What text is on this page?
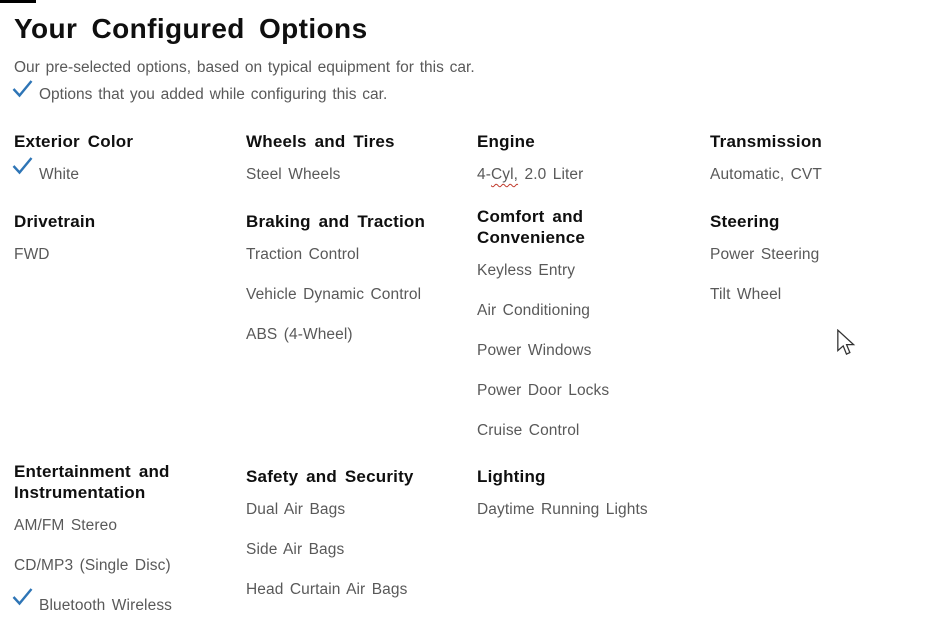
Your Configured Options
Our pre-selected options, based on typical equipment for this car.
Options that you added while configuring this car.
Exterior Color
White
Wheels and Tires
Steel Wheels
Engine
4-Cyl, 2.0 Liter
Transmission
Automatic, CVT
Drivetrain
FWD
Braking and Traction
Traction Control
Vehicle Dynamic Control
ABS (4-Wheel)
Comfort and Convenience
Keyless Entry
Air Conditioning
Power Windows
Power Door Locks
Cruise Control
Steering
Power Steering
Tilt Wheel
Entertainment and Instrumentation
AM/FM Stereo
CD/MP3 (Single Disc)
Bluetooth Wireless
Safety and Security
Dual Air Bags
Side Air Bags
Head Curtain Air Bags
Lighting
Daytime Running Lights
